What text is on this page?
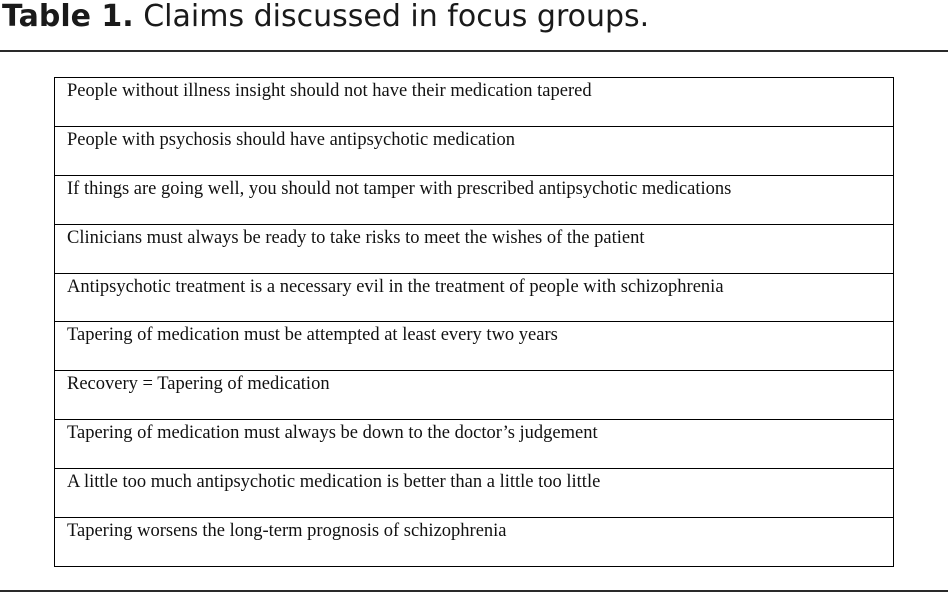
Table 1. Claims discussed in focus groups.
People without illness insight should not have their medication tapered
People with psychosis should have antipsychotic medication
If things are going well, you should not tamper with prescribed antipsychotic medications
Clinicians must always be ready to take risks to meet the wishes of the patient
Antipsychotic treatment is a necessary evil in the treatment of people with schizophrenia
Tapering of medication must be attempted at least every two years
Recovery = Tapering of medication
Tapering of medication must always be down to the doctor’s judgement
A little too much antipsychotic medication is better than a little too little
Tapering worsens the long-term prognosis of schizophrenia
